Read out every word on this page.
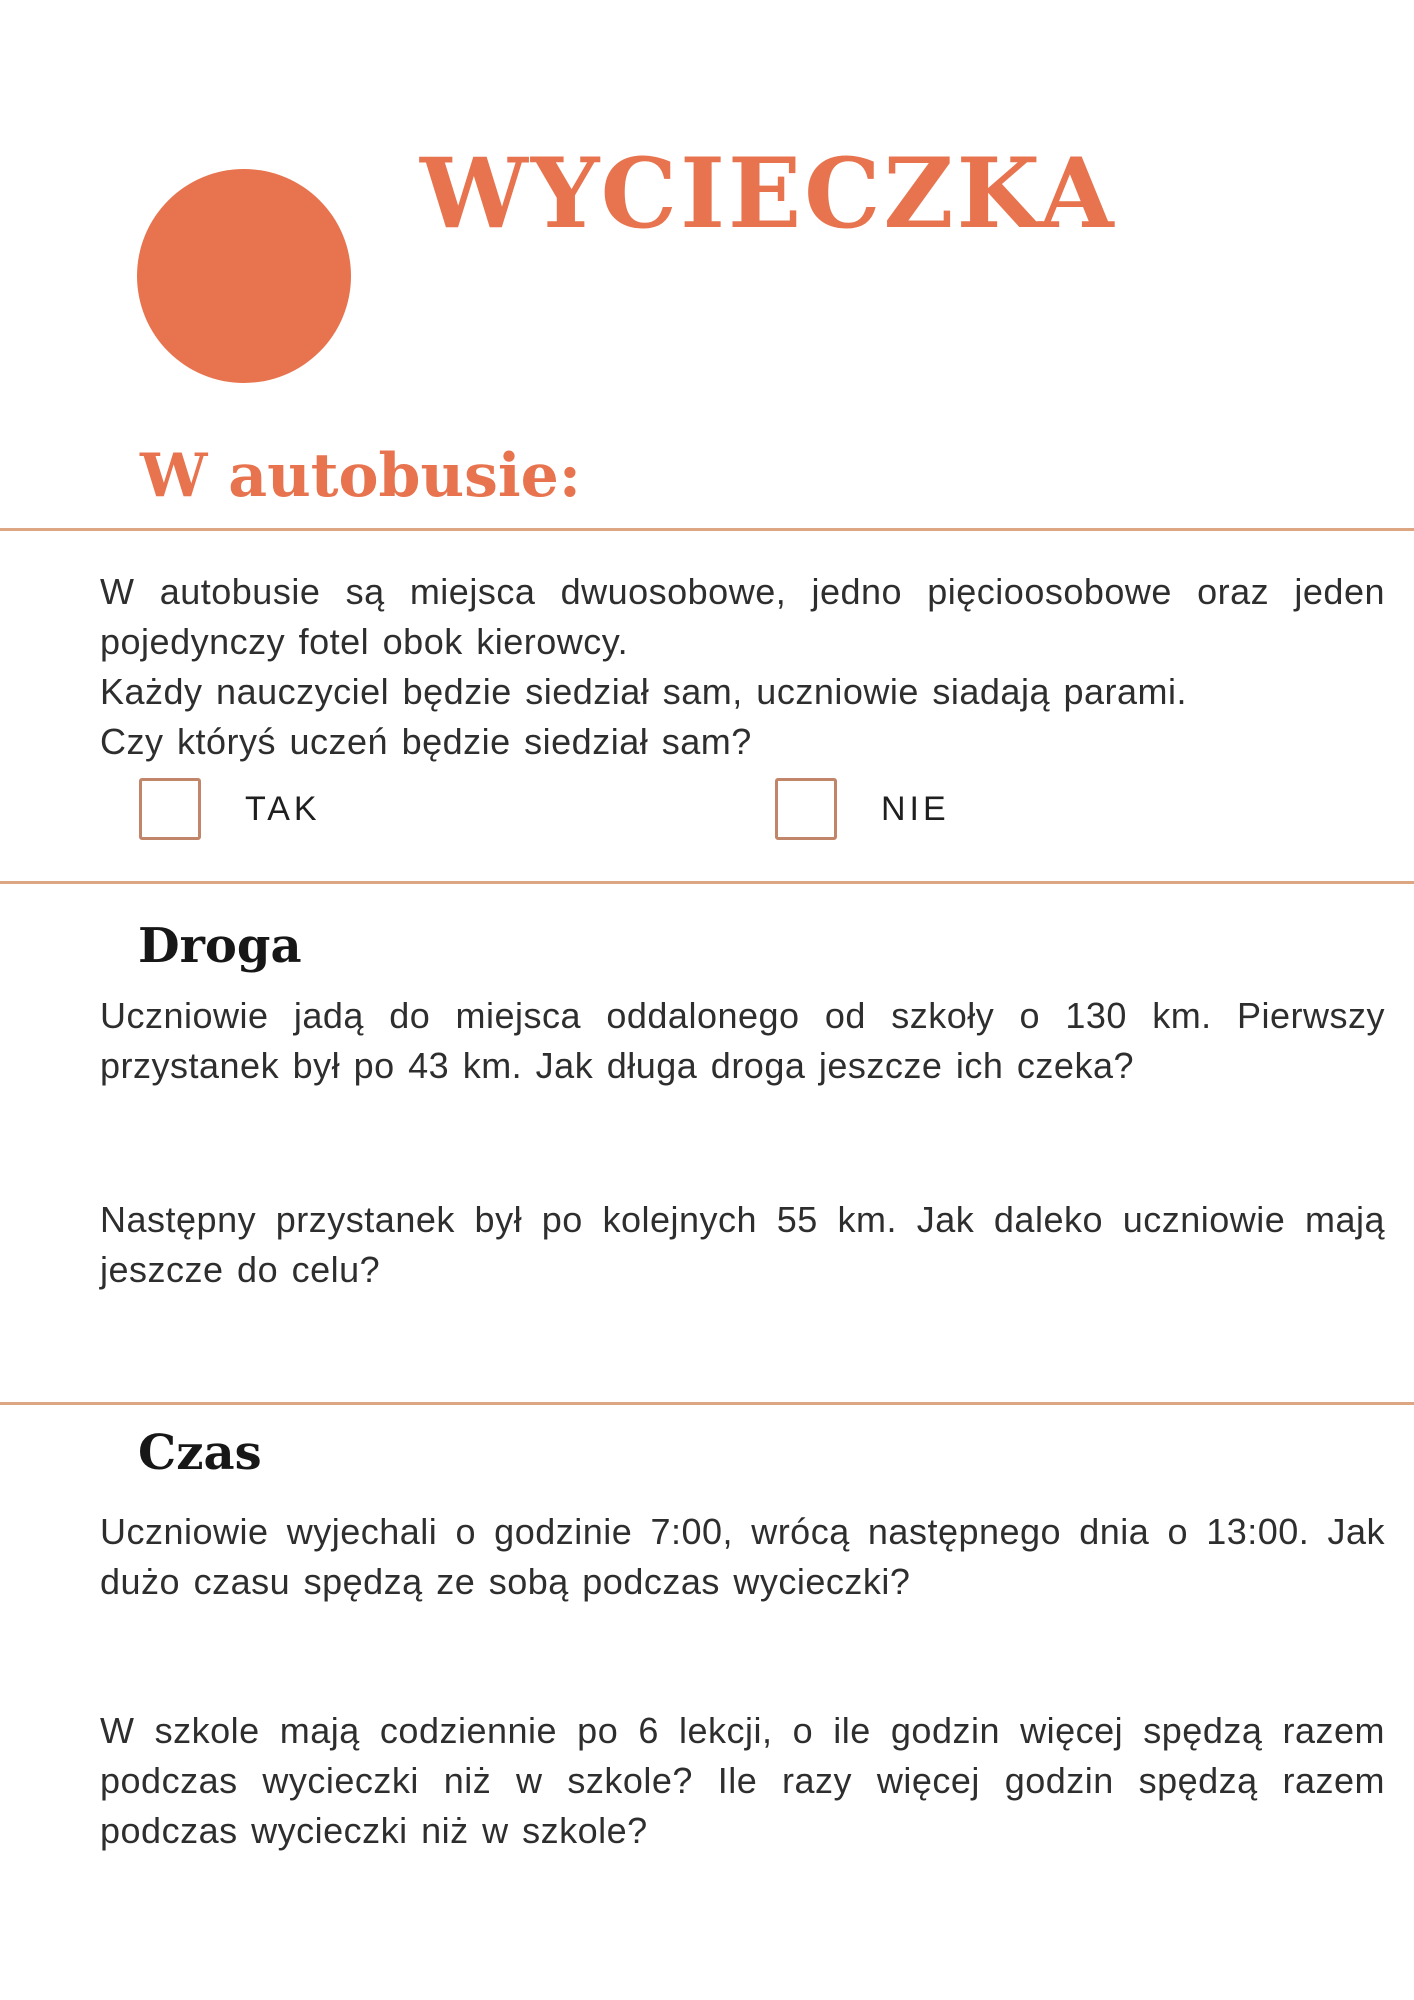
WYCIECZKA
W autobusie:
W autobusie są miejsca dwuosobowe, jedno pięcioosobowe oraz jeden
pojedynczy fotel obok kierowcy.
Każdy nauczyciel będzie siedział sam, uczniowie siadają parami.
Czy któryś uczeń będzie siedział sam?
TAK	NIE
Droga
Uczniowie jadą do miejsca oddalonego od szkoły o 130 km. Pierwszy
przystanek był po 43 km. Jak długa droga jeszcze ich czeka?
Następny przystanek był po kolejnych 55 km. Jak daleko uczniowie mają
jeszcze do celu?
Czas
Uczniowie wyjechali o godzinie 7:00, wrócą następnego dnia o 13:00. Jak
dużo czasu spędzą ze sobą podczas wycieczki?
W szkole mają codziennie po 6 lekcji, o ile godzin więcej spędzą razem
podczas wycieczki niż w szkole? Ile razy więcej godzin spędzą razem
podczas wycieczki niż w szkole?
